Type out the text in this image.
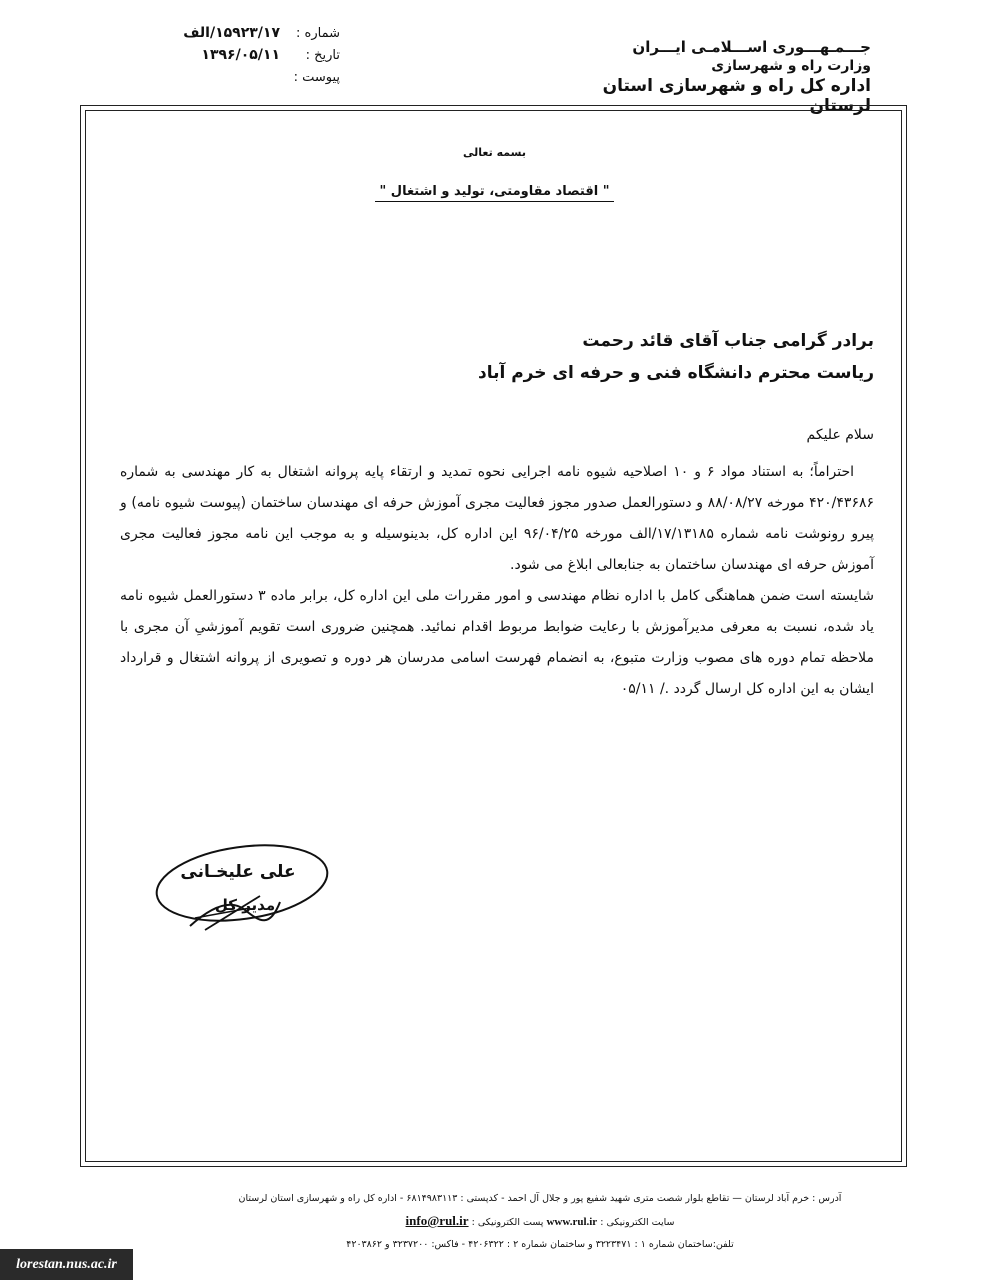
جـــمـهـــوری اســـلامـی ایـــران
وزارت راه و شهرسازی
اداره کل راه و شهرسازی استان لرستان
۱۵۹۲۳/۱۷/الف	شماره :
۱۳۹۶/۰۵/۱۱	تاریخ :
پیوست :
بسمه تعالی
" اقتصاد مقاومتی، تولید و اشتغال "
برادر گرامی جناب آقای قائد رحمت
ریاست محترم دانشگاه فنی و حرفه ای خرم آباد

سلام علیکم

احتراماً؛ به استناد مواد ۶ و ۱۰ اصلاحیه شیوه نامه اجرایی نحوه تمدید و ارتقاء پایه پروانه اشتغال به کار مهندسی به شماره ۴۲۰/۴۳۶۸۶ مورخه ۸۸/۰۸/۲۷ و دستورالعمل صدور مجوز فعالیت مجری آموزش حرفه ای مهندسان ساختمان (پیوست شیوه نامه) و پیرو رونوشت نامه شماره ۱۷/۱۳۱۸۵/الف مورخه ۹۶/۰۴/۲۵ این اداره کل، بدینوسیله و به موجب این نامه مجوز فعالیت مجری آموزش حرفه ای مهندسان ساختمان به جنابعالی ابلاغ می شود.

شایسته است ضمن هماهنگی کامل با اداره نظام مهندسی و امور مقررات ملی این اداره کل، برابر ماده ۳ دستورالعمل شیوه نامه یاد شده، نسبت به معرفی مدیرآموزش با رعایت ضوابط مربوط اقدام نمائید. همچنین ضروری است تقویم آموزشیِ آن مجری با ملاحظه تمام دوره های مصوب وزارت متبوع، به انضمام فهرست اسامی مدرسان هر دوره و تصویری از پروانه اشتغال و قرارداد ایشان به این اداره کل ارسال گردد ./ ۰۵/۱۱

علی علیخـانی
مدیر کل
آدرس : خرم آباد لرستان — تقاطع بلوار شصت متری شهید شفیع پور و جلال آل احمد - کدپستی : ۶۸۱۴۹۸۳۱۱۳ - اداره کل راه و شهرسازی استان لرستان
سایت الکترونیکی : www.rul.ir پست الکترونیکی : info@rul.ir
تلفن:ساختمان شماره ۱ : ۳۲۲۳۴۷۱ و ساختمان شماره ۲ : ۴۲۰۶۳۲۲ - فاکس: ۳۲۳۷۲۰۰ و ۴۲۰۳۸۶۲
lorestan.nus.ac.ir
